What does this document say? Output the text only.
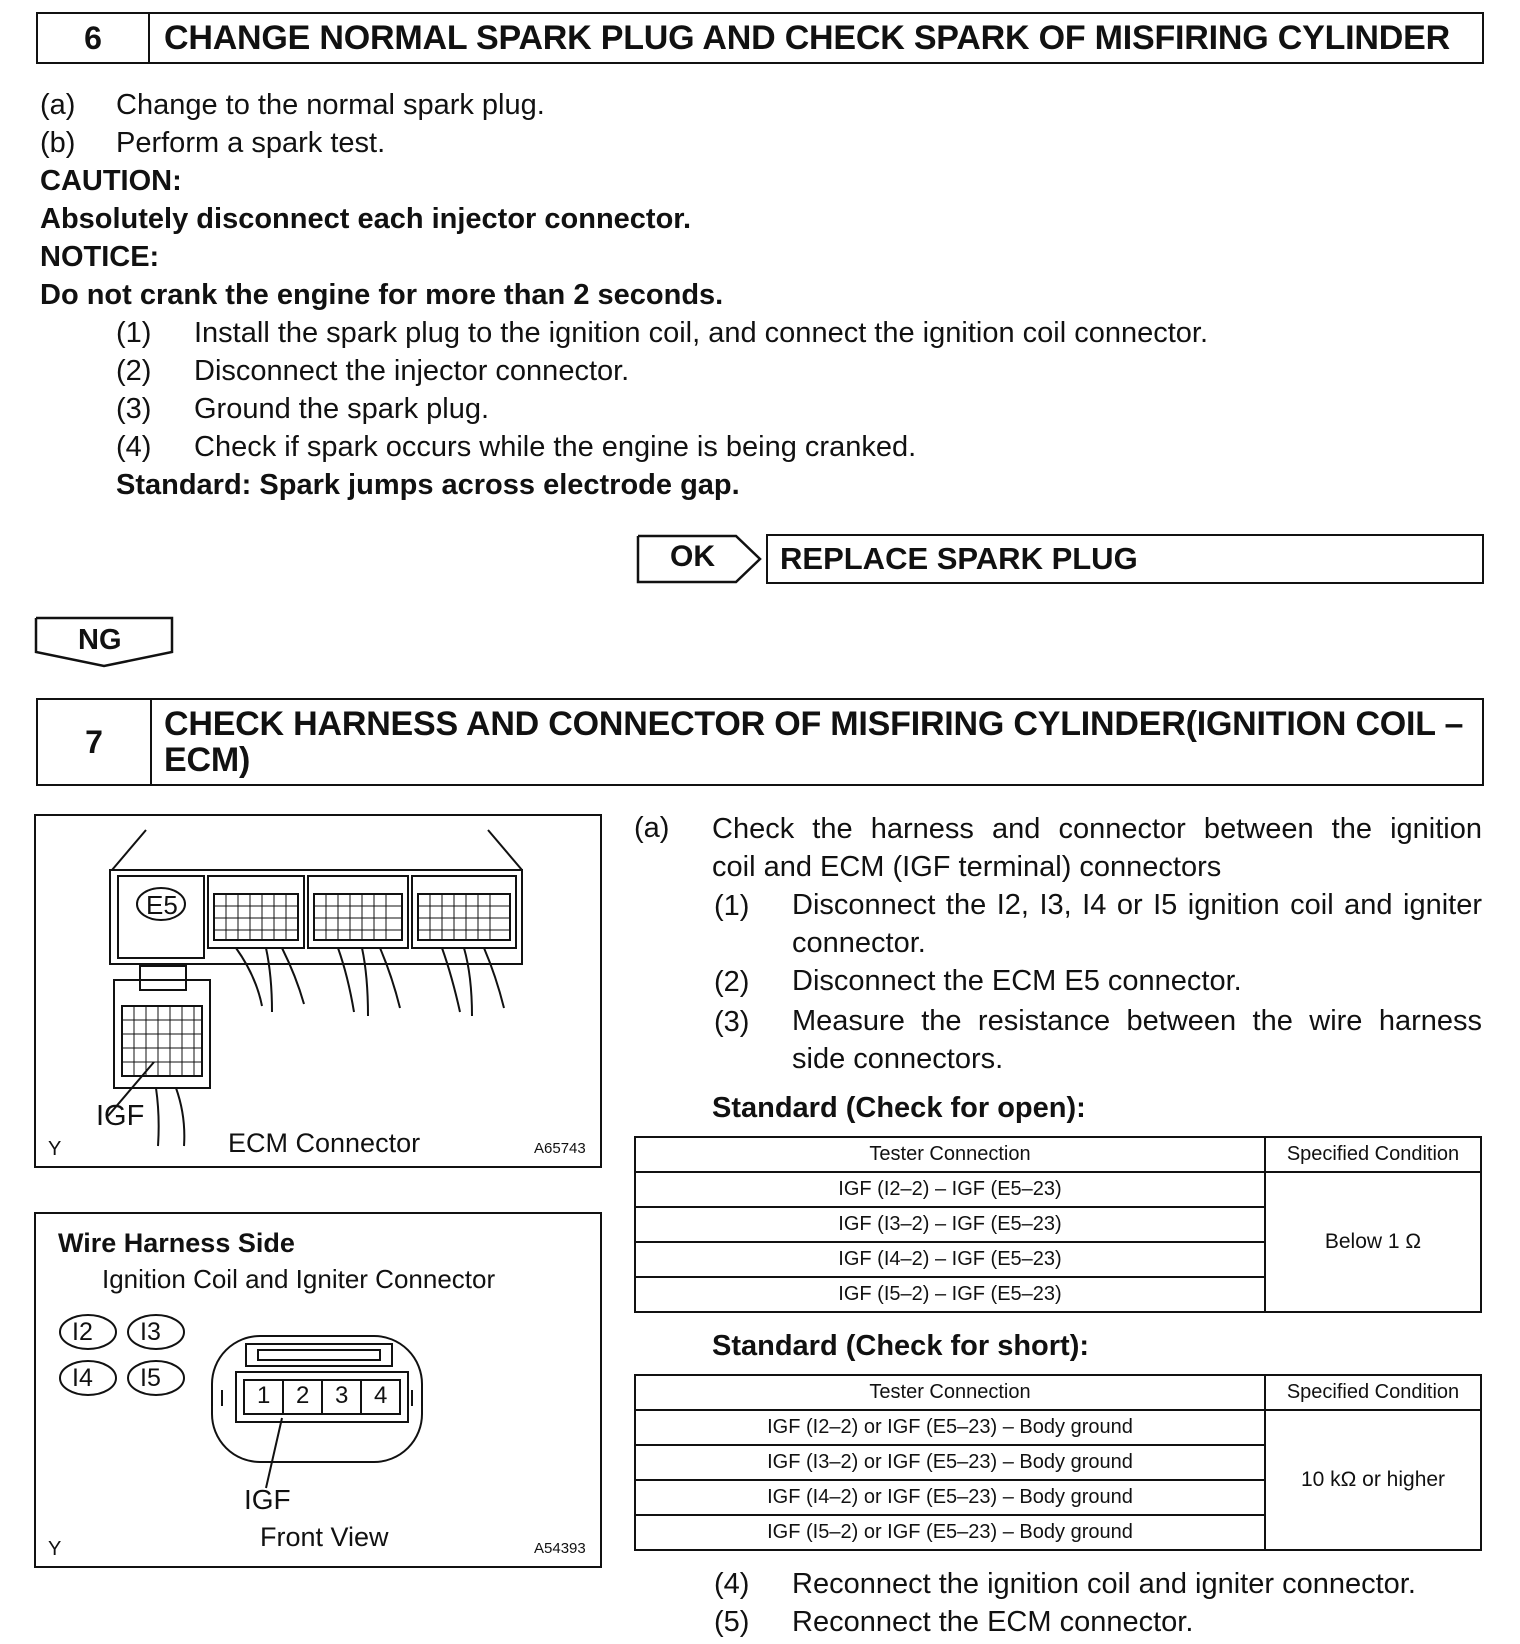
6	CHANGE NORMAL SPARK PLUG AND CHECK SPARK OF MISFIRING CYLINDER
(a) Change to the normal spark plug.
(b) Perform a spark test.
CAUTION:
Absolutely disconnect each injector connector.
NOTICE:
Do not crank the engine for more than 2 seconds.
(1) Install the spark plug to the ignition coil, and connect the ignition coil connector.
(2) Disconnect the injector connector.
(3) Ground the spark plug.
(4) Check if spark occurs while the engine is being cranked.
Standard: Spark jumps across electrode gap.
OK REPLACE SPARK PLUG
NG
7	CHECK HARNESS AND CONNECTOR OF MISFIRING CYLINDER(IGNITION COIL –
ECM)
E5
IGF
ECM Connector
Y	A65743
Wire Harness Side
Ignition Coil and Igniter Connector
I2 I3
I4 I5
1 2 3 4
IGF
Front View
Y	A54393
(a) Check the harness and connector between the ignition
coil and ECM (IGF terminal) connectors
(1) Disconnect the I2, I3, I4 or I5 ignition coil and igniter
connector.
(2) Disconnect the ECM E5 connector.
(3) Measure the resistance between the wire harness
side connectors.
Standard (Check for open):
Tester Connection	Specified Condition
IGF (I2–2) – IGF (E5–23)	Below 1 Ω
IGF (I3–2) – IGF (E5–23)	
IGF (I4–2) – IGF (E5–23)	
IGF (I5–2) – IGF (E5–23)	
Standard (Check for short):
Tester Connection	Specified Condition
IGF (I2–2) or IGF (E5–23) – Body ground	10 kΩ or higher
IGF (I3–2) or IGF (E5–23) – Body ground	
IGF (I4–2) or IGF (E5–23) – Body ground	
IGF (I5–2) or IGF (E5–23) – Body ground	
(4) Reconnect the ignition coil and igniter connector.
(5) Reconnect the ECM connector.
